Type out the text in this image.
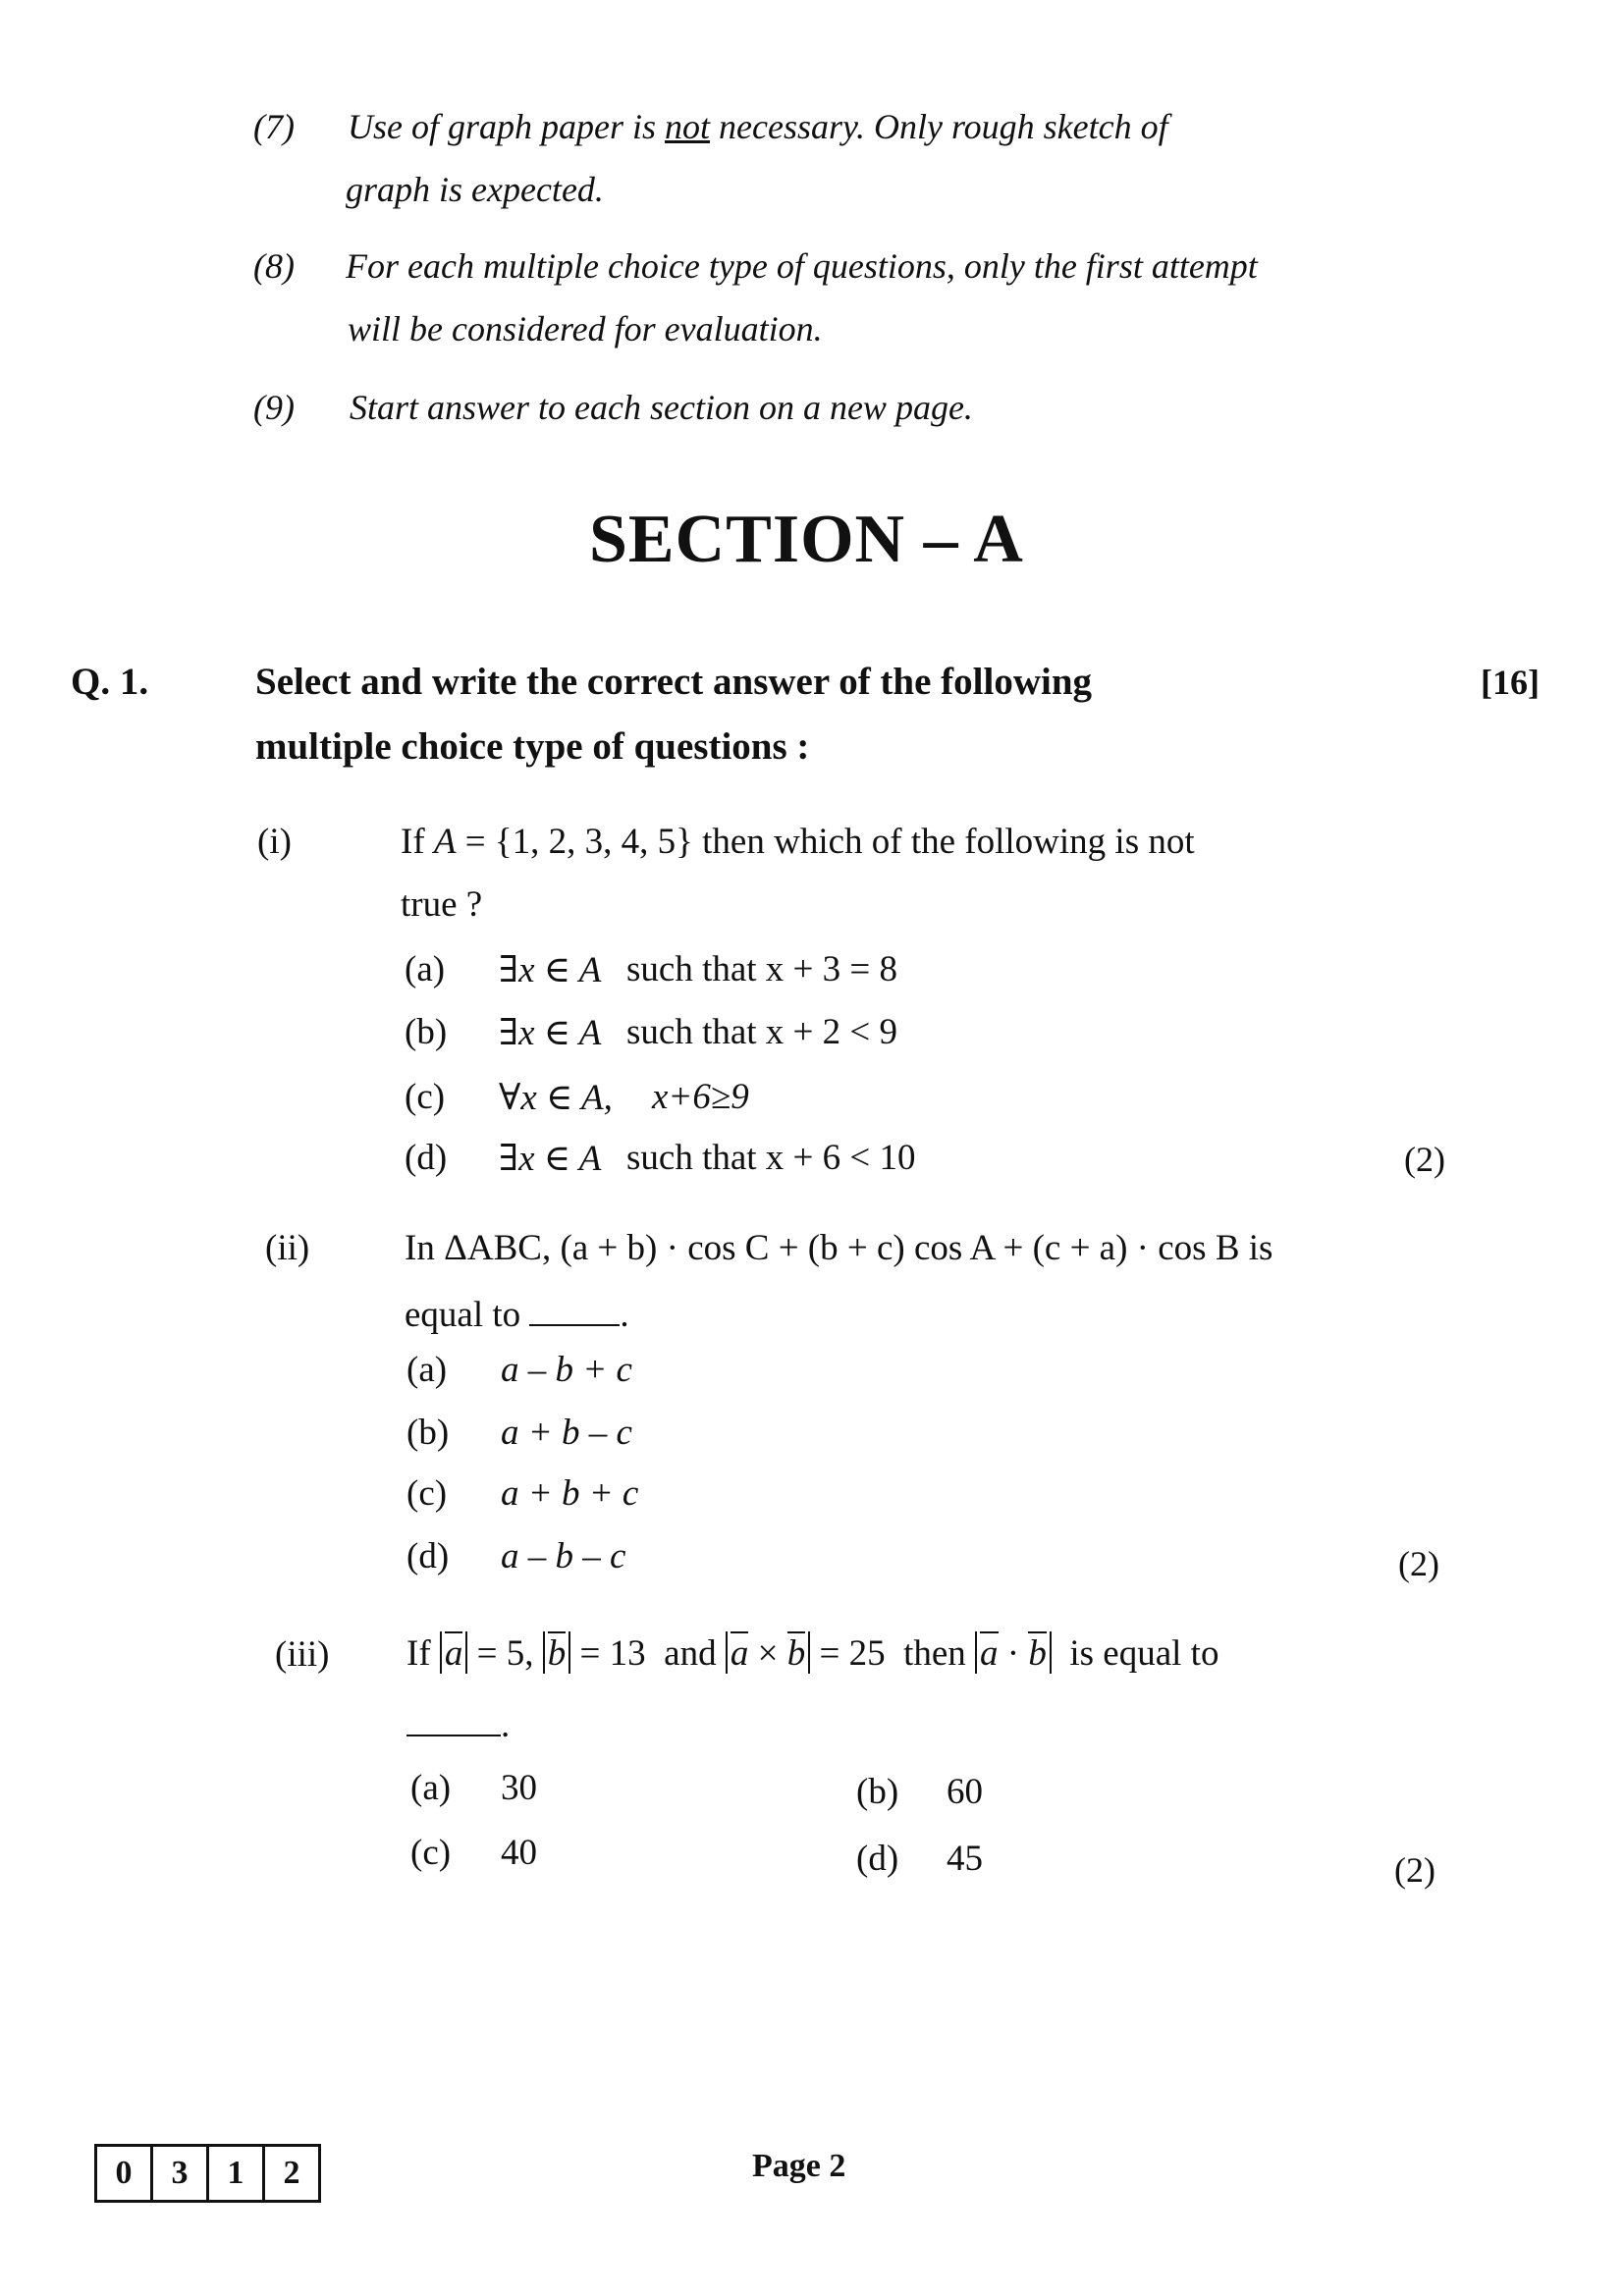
(7) Use of graph paper is not necessary. Only rough sketch of
graph is expected.
(8) For each multiple choice type of questions, only the first attempt
will be considered for evaluation.
(9) Start answer to each section on a new page.
SECTION – A
Q. 1.	Select and write the correct answer of the following
multiple choice type of questions :
[16]
(i)	If A = {1, 2, 3, 4, 5} then which of the following is not
true ?
(a) ∃x ∈ A such that x + 3 = 8
(b) ∃x ∈ A such that x + 2 < 9
(c) ∀x ∈ A, x+6≥9
(d) ∃x ∈ A such that x + 6 < 10	(2)
(ii)	In ΔABC, (a + b) · cos C + (b + c) cos A + (c + a) · cos B is
equal to	.
(a) a – b + c
(b) a + b – c
(c) a + b + c
(d) a – b – c	(2)
(iii) If a = 5, b = 13 and a × b = 25 then a · b is equal to
.
(a) 30	(b) 60
(c) 40	(d) 45	(2)
0	3	1	2	Page 2
